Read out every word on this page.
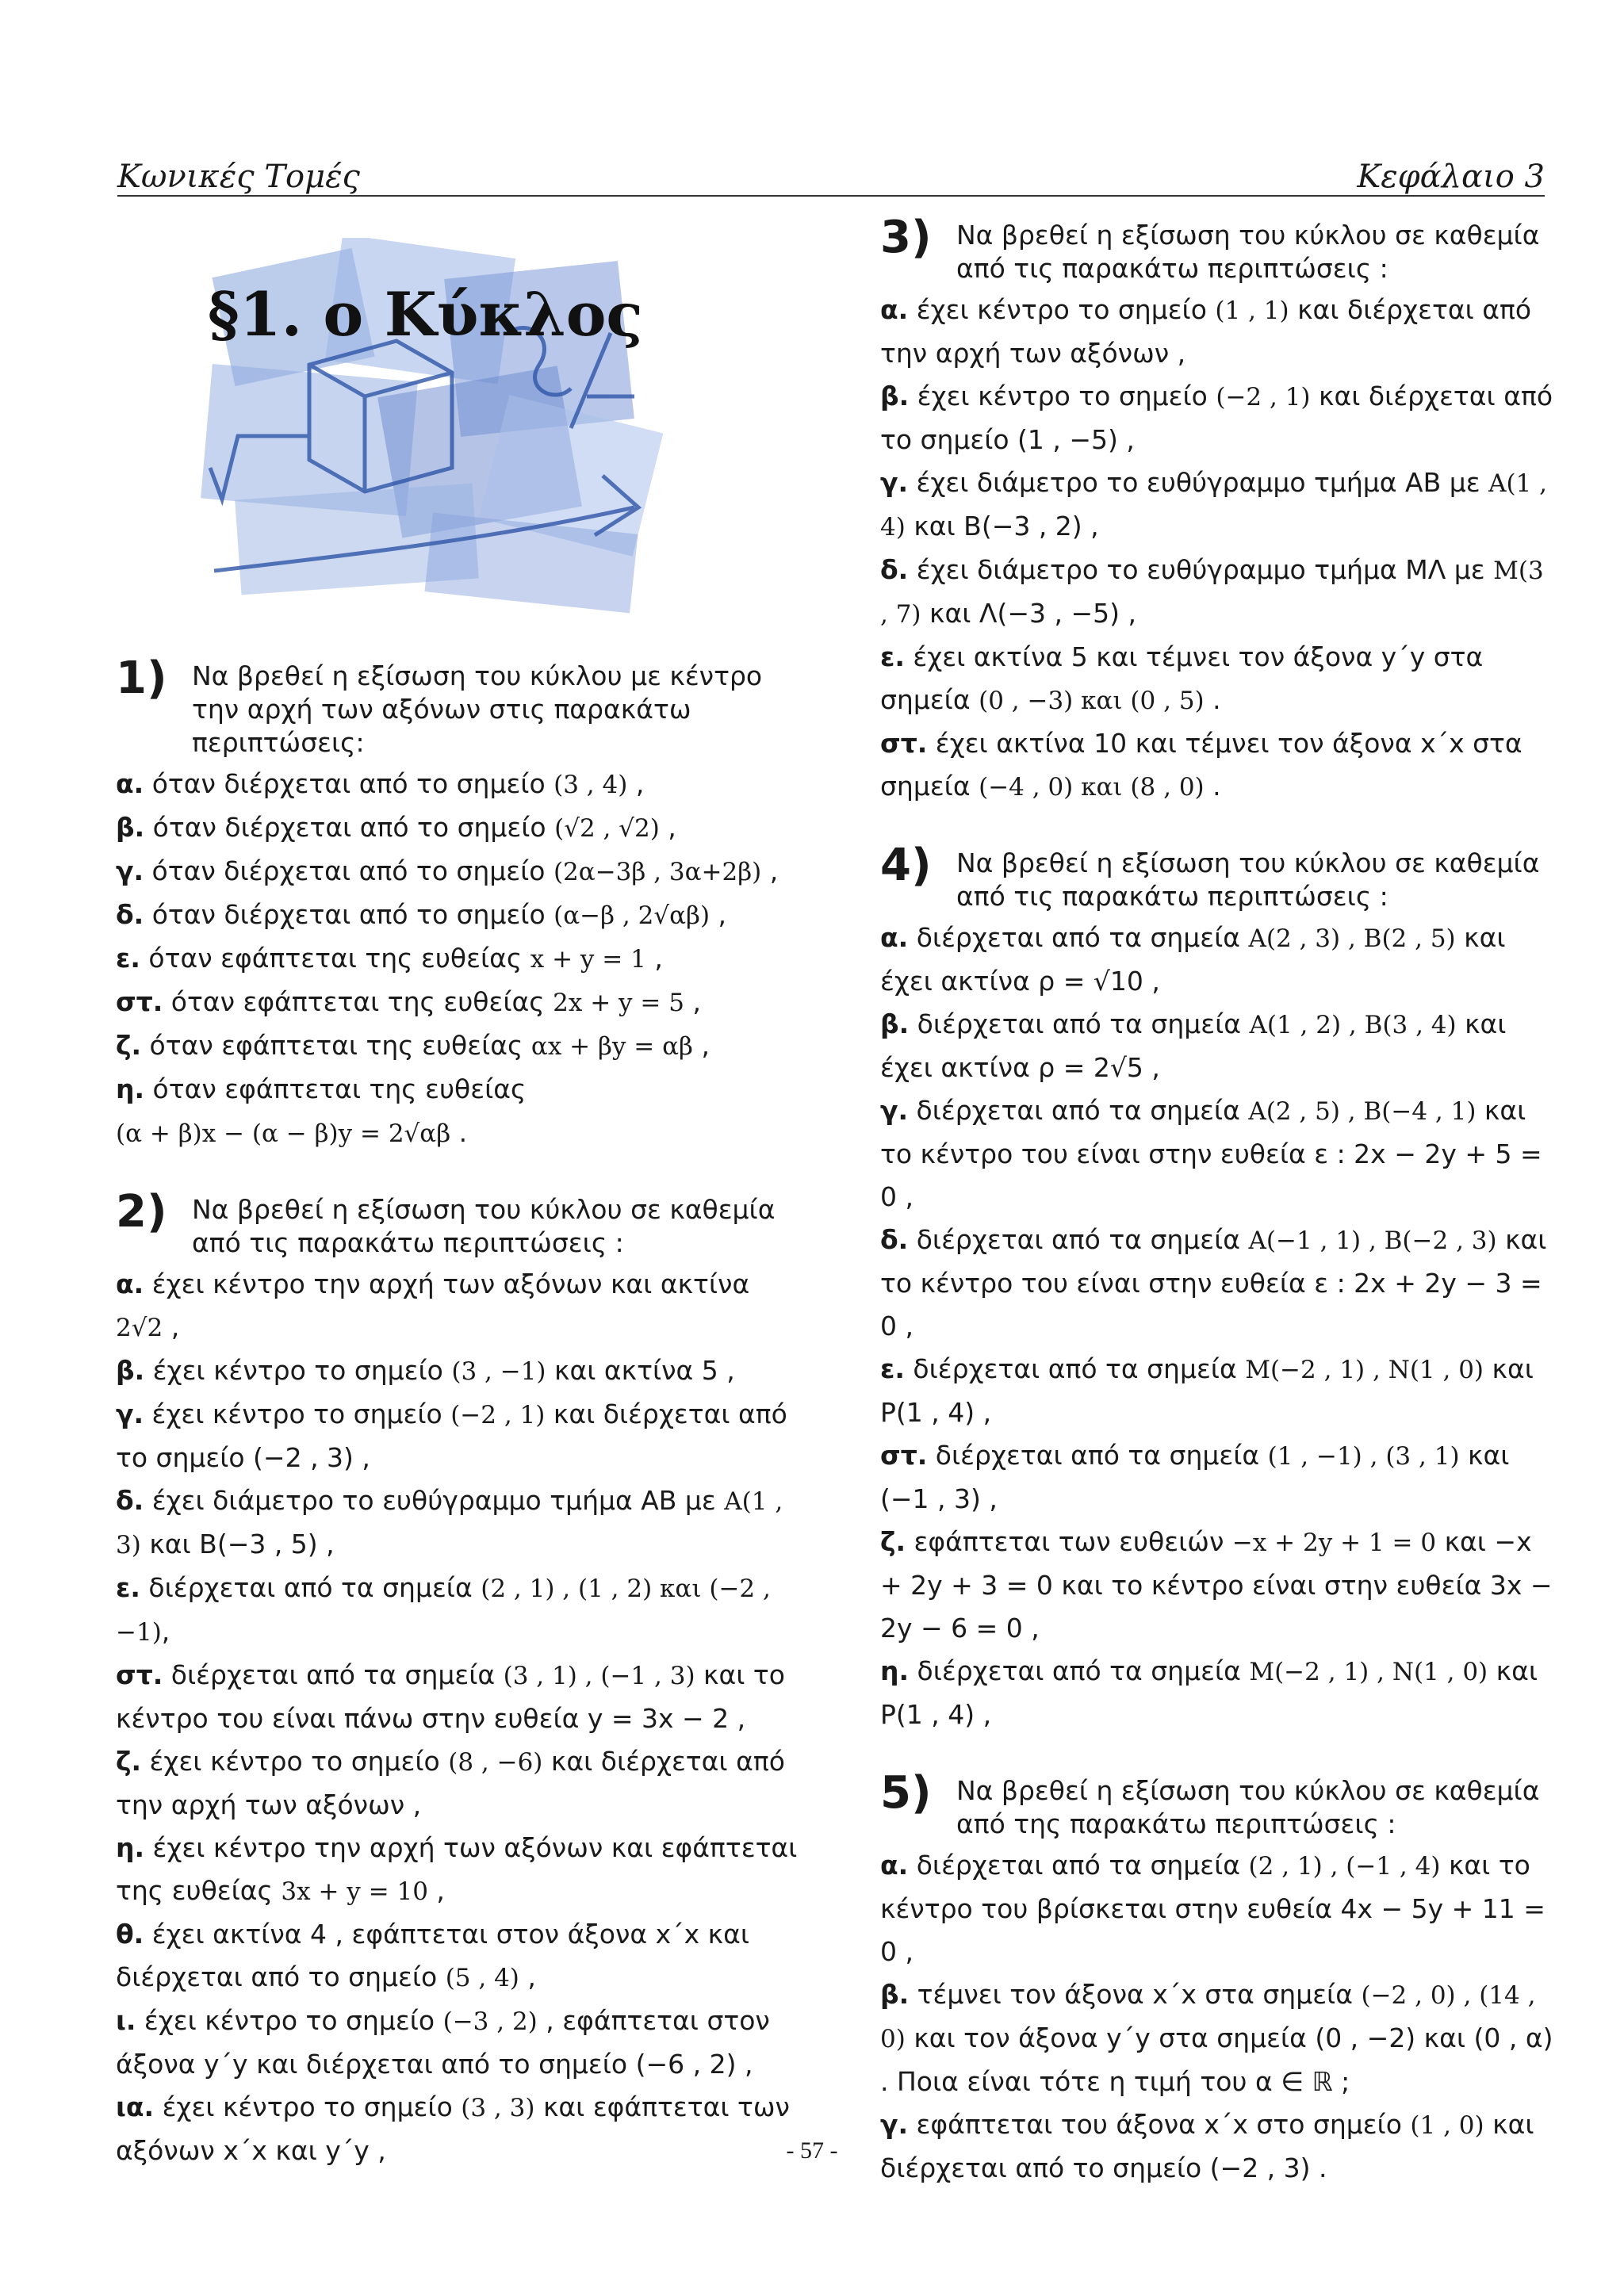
Κωνικές Τομές	Κεφάλαιο 3
§1. ο Κύκλος
1) Να βρεθεί η εξίσωση του κύκλου με κέντρο την αρχή των αξόνων στις παρακάτω περιπτώσεις:
α. όταν διέρχεται από το σημείο (3 , 4) ,
β. όταν διέρχεται από το σημείο (√2 , √2) ,
γ. όταν διέρχεται από το σημείο (2α−3β , 3α+2β) ,
δ. όταν διέρχεται από το σημείο (α−β , 2√αβ) ,
ε. όταν εφάπτεται της ευθείας x + y = 1 ,
στ. όταν εφάπτεται της ευθείας 2x + y = 5 ,
ζ. όταν εφάπτεται της ευθείας αx + βy = αβ ,
η. όταν εφάπτεται της ευθείας
(α + β)x − (α − β)y = 2√αβ .
2) Να βρεθεί η εξίσωση του κύκλου σε καθεμία από τις παρακάτω περιπτώσεις :
α. έχει κέντρο την αρχή των αξόνων και ακτίνα 2√2 ,
β. έχει κέντρο το σημείο (3 , −1) και ακτίνα 5 ,
γ. έχει κέντρο το σημείο (−2 , 1) και διέρχεται από το σημείο (−2 , 3) ,
δ. έχει διάμετρο το ευθύγραμμο τμήμα ΑΒ με Α(1 , 3) και Β(−3 , 5) ,
ε. διέρχεται από τα σημεία (2 , 1) , (1 , 2) και (−2 , −1),
στ. διέρχεται από τα σημεία (3 , 1) , (−1 , 3) και το κέντρο του είναι πάνω στην ευθεία y = 3x − 2 ,
ζ. έχει κέντρο το σημείο (8 , −6) και διέρχεται από την αρχή των αξόνων ,
η. έχει κέντρο την αρχή των αξόνων και εφάπτεται της ευθείας 3x + y = 10 ,
θ. έχει ακτίνα 4 , εφάπτεται στον άξονα x΄x και διέρχεται από το σημείο (5 , 4) ,
ι. έχει κέντρο το σημείο (−3 , 2) , εφάπτεται στον άξονα y΄y και διέρχεται από το σημείο (−6 , 2) ,
ια. έχει κέντρο το σημείο (3 , 3) και εφάπτεται των αξόνων x΄x και y΄y ,
3) Να βρεθεί η εξίσωση του κύκλου σε καθεμία από τις παρακάτω περιπτώσεις :
α. έχει κέντρο το σημείο (1 , 1) και διέρχεται από την αρχή των αξόνων ,
β. έχει κέντρο το σημείο (−2 , 1) και διέρχεται από το σημείο (1 , −5) ,
γ. έχει διάμετρο το ευθύγραμμο τμήμα ΑΒ με Α(1 , 4) και Β(−3 , 2) ,
δ. έχει διάμετρο το ευθύγραμμο τμήμα ΜΛ με Μ(3 , 7) και Λ(−3 , −5) ,
ε. έχει ακτίνα 5 και τέμνει τον άξονα y΄y στα σημεία (0 , −3) και (0 , 5) .
στ. έχει ακτίνα 10 και τέμνει τον άξονα x΄x στα σημεία (−4 , 0) και (8 , 0) .
4) Να βρεθεί η εξίσωση του κύκλου σε καθεμία από τις παρακάτω περιπτώσεις :
α. διέρχεται από τα σημεία Α(2 , 3) , Β(2 , 5) και έχει ακτίνα ρ = √10 ,
β. διέρχεται από τα σημεία Α(1 , 2) , Β(3 , 4) και έχει ακτίνα ρ = 2√5 ,
γ. διέρχεται από τα σημεία Α(2 , 5) , Β(−4 , 1) και το κέντρο του είναι στην ευθεία ε : 2x − 2y + 5 = 0 ,
δ. διέρχεται από τα σημεία Α(−1 , 1) , Β(−2 , 3) και το κέντρο του είναι στην ευθεία ε : 2x + 2y − 3 = 0 ,
ε. διέρχεται από τα σημεία Μ(−2 , 1) , Ν(1 , 0) και Ρ(1 , 4) ,
στ. διέρχεται από τα σημεία (1 , −1) , (3 , 1) και (−1 , 3) ,
ζ. εφάπτεται των ευθειών −x + 2y + 1 = 0 και −x + 2y + 3 = 0 και το κέντρο είναι στην ευθεία 3x − 2y − 6 = 0 ,
η. διέρχεται από τα σημεία Μ(−2 , 1) , Ν(1 , 0) και Ρ(1 , 4) ,
5) Να βρεθεί η εξίσωση του κύκλου σε καθεμία από της παρακάτω περιπτώσεις :
α. διέρχεται από τα σημεία (2 , 1) , (−1 , 4) και το κέντρο του βρίσκεται στην ευθεία 4x − 5y + 11 = 0 ,
β. τέμνει τον άξονα x΄x στα σημεία (−2 , 0) , (14 , 0) και τον άξονα y΄y στα σημεία (0 , −2) και (0 , α) . Ποια είναι τότε η τιμή του α ∈ ℝ ;
γ. εφάπτεται του άξονα x΄x στο σημείο (1 , 0) και διέρχεται από το σημείο (−2 , 3) .
- 57 -
